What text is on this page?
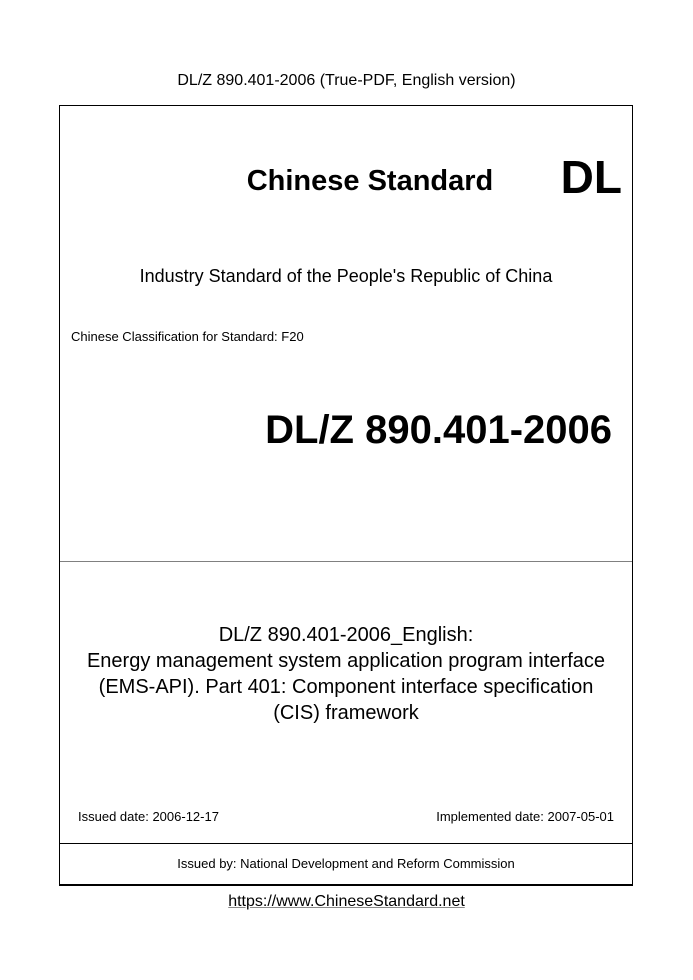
DL/Z 890.401-2006 (True-PDF, English version)
Chinese Standard	DL
Industry Standard of the People's Republic of China
Chinese Classification for Standard: F20
DL/Z 890.401-2006
DL/Z 890.401-2006_English:
Energy management system application program interface
(EMS-API). Part 401: Component interface specification
(CIS) framework
Issued date: 2006-12-17	Implemented date: 2007-05-01
Issued by: National Development and Reform Commission
https://www.ChineseStandard.net
